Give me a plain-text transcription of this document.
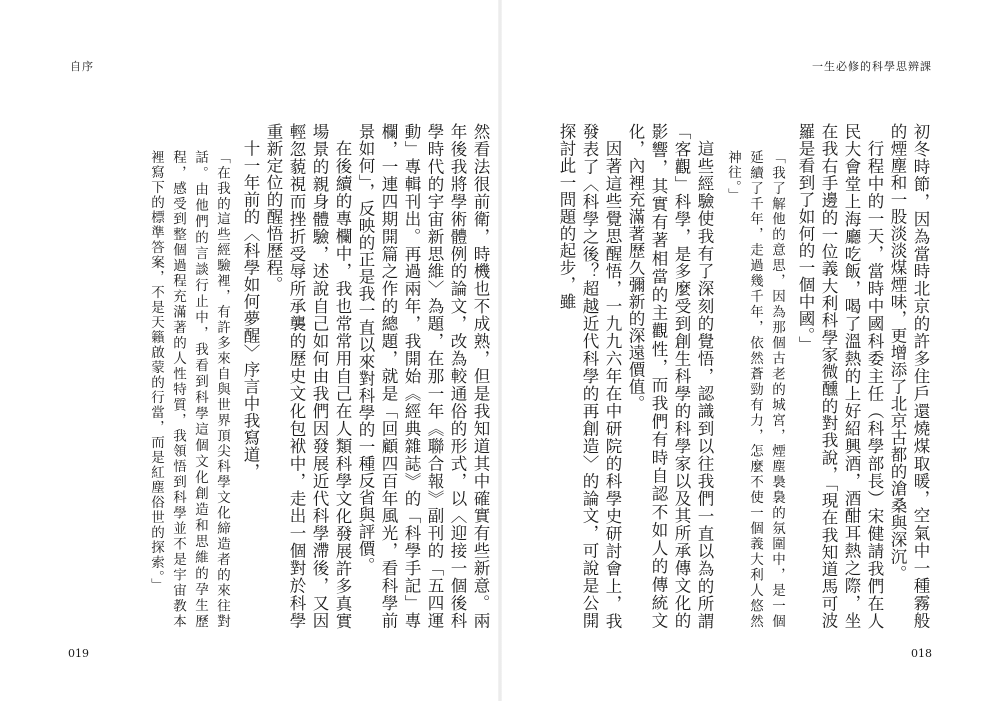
自序	一生必修的科學思辨課

初冬時節，因為當時北京的許多住戶還燒煤取暖，空氣中一種霧般的煙塵和一股淡淡煤煙味，更增添了北京古都的滄桑與深沉。

行程中的一天，當時中國科委主任（科學部長）宋健請我們在人民大會堂上海廳吃飯，喝了溫熱的上好紹興酒，酒酣耳熱之際，坐在我右手邊的一位義大利科學家微醺的對我說，「現在我知道馬可波羅是看到了如何的一個中國。」

「我了解他的意思，因為那個古老的城宮，煙塵裊裊的氛圍中，是一個延續了千年，走過幾千年，依然蒼勁有力，怎麼不使一個義大利人悠然神往。」

這些經驗使我有了深刻的覺悟，認識到以往我們一直以為的所謂「客觀」科學，是多麼受到創生科學的科學家以及其所承傳文化的影響，其實有著相當的主觀性，而我們有時自認不如人的傳統文化，內裡充滿著歷久彌新的深遠價值。

因著這些覺思醒悟，一九九六年在中研院的科學史研討會上，我發表了〈科學之後？超越近代科學的再創造〉的論文，可說是公開探討此一問題的起步，雖

然看法很前衛，時機也不成熟，但是我知道其中確實有些新意。兩年後我將學術體例的論文，改為較通俗的形式，以〈迎接一個後科學時代的宇宙新思維〉為題，在那一年《聯合報》副刊的「五四運動」專輯刊出。再過兩年，我開始《經典雜誌》的「科學手記」專欄，一連四期開篇之作的總題，就是「回顧四百年風光，看科學前景如何」，反映的正是我一直以來對科學的一種反省與評價。

在後續的專欄中，我也常常用自己在人類科學文化發展許多真實場景的親身體驗，述說自己如何由我們因發展近代科學滯後，又因輕忽藐視而挫折受辱所承襲的歷史文化包袱中，走出一個對於科學重新定位的醒悟歷程。

十一年前的〈科學如何夢醒〉序言中我寫道，

「在我的這些經驗裡，有許多來自與世界頂尖科學文化締造者的來往對話。由他們的言談行止中，我看到科學這個文化創造和思維的孕生歷程，感受到整個過程充滿著的人性特質，我領悟到科學並不是宇宙教本裡寫下的標準答案，不是天籟啟蒙的行當，而是紅塵俗世的探索。」

019	018
